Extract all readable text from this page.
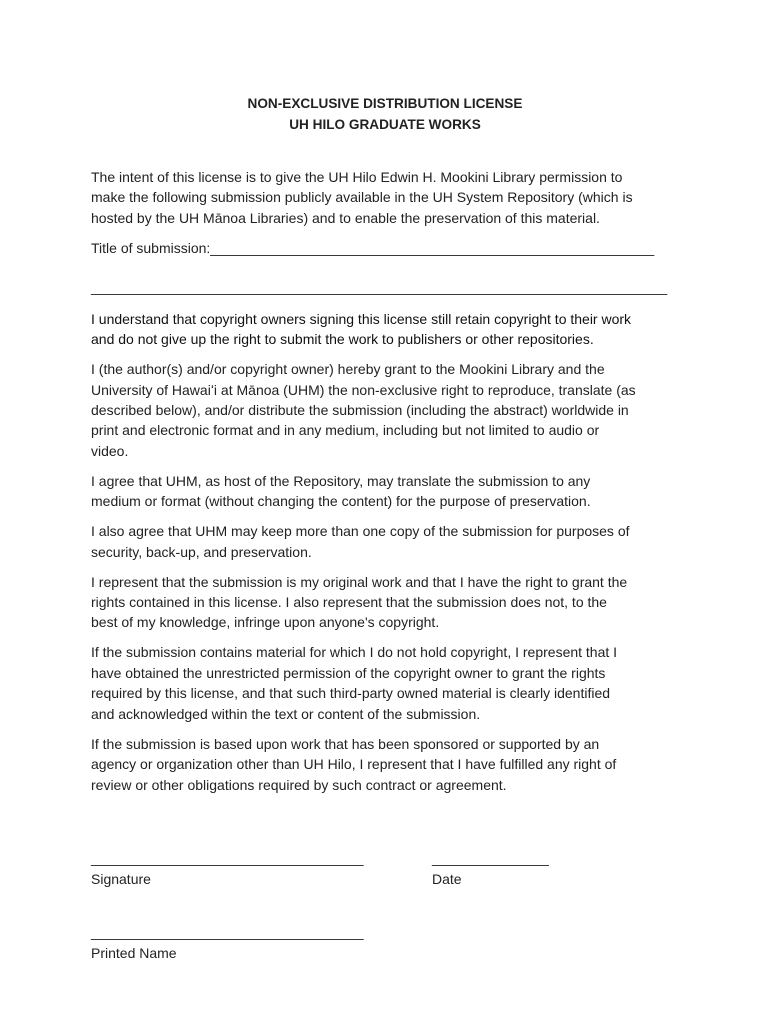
NON-EXCLUSIVE DISTRIBUTION LICENSE
UH HILO GRADUATE WORKS

The intent of this license is to give the UH Hilo Edwin H. Mookini Library permission to
make the following submission publicly available in the UH System Repository (which is
hosted by the UH Mānoa Libraries) and to enable the preservation of this material.

Title of submission:_________________________________________________________

__________________________________________________________________________

I understand that copyright owners signing this license still retain copyright to their work
and do not give up the right to submit the work to publishers or other repositories.

I (the author(s) and/or copyright owner) hereby grant to the Mookini Library and the
University of Hawaiʻi at Mānoa (UHM) the non-exclusive right to reproduce, translate (as
described below), and/or distribute the submission (including the abstract) worldwide in
print and electronic format and in any medium, including but not limited to audio or
video.

I agree that UHM, as host of the Repository, may translate the submission to any
medium or format (without changing the content) for the purpose of preservation.

I also agree that UHM may keep more than one copy of the submission for purposes of
security, back-up, and preservation.

I represent that the submission is my original work and that I have the right to grant the
rights contained in this license. I also represent that the submission does not, to the
best of my knowledge, infringe upon anyone's copyright.

If the submission contains material for which I do not hold copyright, I represent that I
have obtained the unrestricted permission of the copyright owner to grant the rights
required by this license, and that such third-party owned material is clearly identified
and acknowledged within the text or content of the submission.

If the submission is based upon work that has been sponsored or supported by an
agency or organization other than UH Hilo, I represent that I have fulfilled any right of
review or other obligations required by such contract or agreement.

___________________________________
Signature
_______________
Date
___________________________________
Printed Name
